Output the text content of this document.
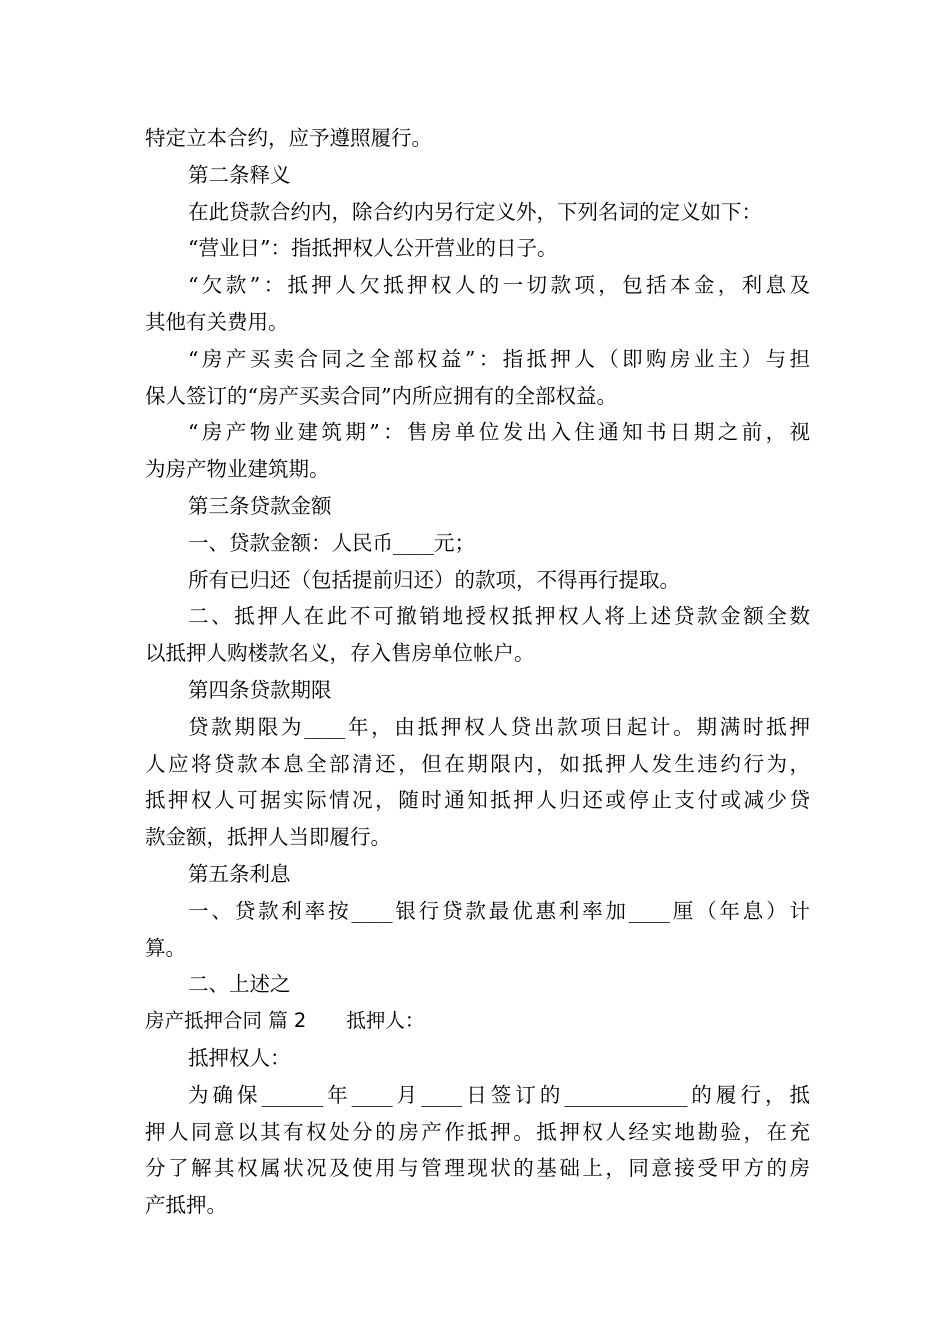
特定立本合约，应予遵照履行。
第二条释义
在此贷款合约内，除合约内另行定义外，下列名词的定义如下：
“营业日”：指抵押权人公开营业的日子。
“欠款”：抵押人欠抵押权人的一切款项，包括本金，利息及
其他有关费用。
“房产买卖合同之全部权益”：指抵押人（即购房业主）与担
保人签订的“房产买卖合同”内所应拥有的全部权益。
“房产物业建筑期”：售房单位发出入住通知书日期之前，视
为房产物业建筑期。
第三条贷款金额
一、贷款金额：人民币____元；
所有已归还（包括提前归还）的款项，不得再行提取。
二、抵押人在此不可撤销地授权抵押权人将上述贷款金额全数
以抵押人购楼款名义，存入售房单位帐户。
第四条贷款期限
贷款期限为____年，由抵押权人贷出款项日起计。期满时抵押
人应将贷款本息全部清还，但在期限内，如抵押人发生违约行为，
抵押权人可据实际情况，随时通知抵押人归还或停止支付或减少贷
款金额，抵押人当即履行。
第五条利息
一、贷款利率按____银行贷款最优惠利率加____厘（年息）计
算。
二、上述之
房产抵押合同 篇 2 抵押人：
抵押权人：
为确保______年____月____日签订的____________的履行，抵
押人同意以其有权处分的房产作抵押。抵押权人经实地勘验，在充
分了解其权属状况及使用与管理现状的基础上，同意接受甲方的房
产抵押。
